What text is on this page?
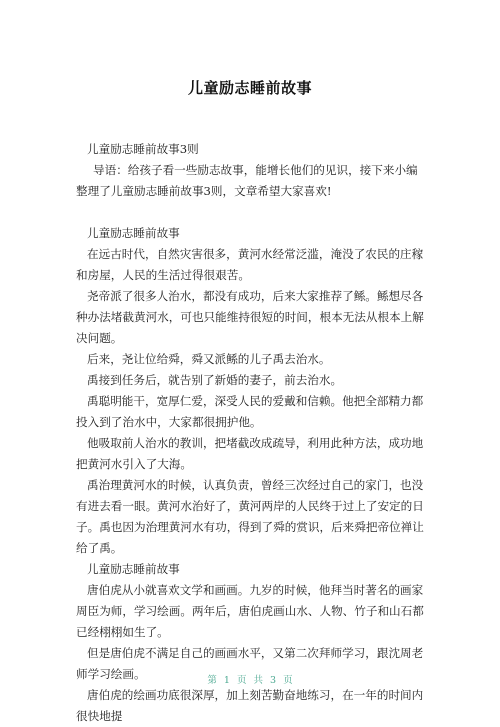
儿童励志睡前故事

儿童励志睡前故事3则

导语：给孩子看一些励志故事，能增长他们的见识，接下来小编整理了儿童励志睡前故事3则，文章希望大家喜欢!

儿童励志睡前故事

在远古时代，自然灾害很多，黄河水经常泛滥，淹没了农民的庄稼和房屋，人民的生活过得很艰苦。

尧帝派了很多人治水，都没有成功，后来大家推荐了鲧。鲧想尽各种办法堵截黄河水，可也只能维持很短的时间，根本无法从根本上解决问题。

后来，尧让位给舜，舜又派鲧的儿子禹去治水。

禹接到任务后，就告别了新婚的妻子，前去治水。

禹聪明能干，宽厚仁爱，深受人民的爱戴和信赖。他把全部精力都投入到了治水中，大家都很拥护他。

他吸取前人治水的教训，把堵截改成疏导，利用此种方法，成功地把黄河水引入了大海。

禹治理黄河水的时候，认真负责，曾经三次经过自己的家门，也没有进去看一眼。黄河水治好了，黄河两岸的人民终于过上了安定的日子。禹也因为治理黄河水有功，得到了舜的赏识，后来舜把帝位禅让给了禹。

儿童励志睡前故事

唐伯虎从小就喜欢文学和画画。九岁的时候，他拜当时著名的画家周臣为师，学习绘画。两年后，唐伯虎画山水、人物、竹子和山石都已经栩栩如生了。

但是唐伯虎不满足自己的画画水平，又第二次拜师学习，跟沈周老师学习绘画。

唐伯虎的绘画功底很深厚，加上刻苦勤奋地练习，在一年的时间内很快地提

第 1 页 共 3 页
